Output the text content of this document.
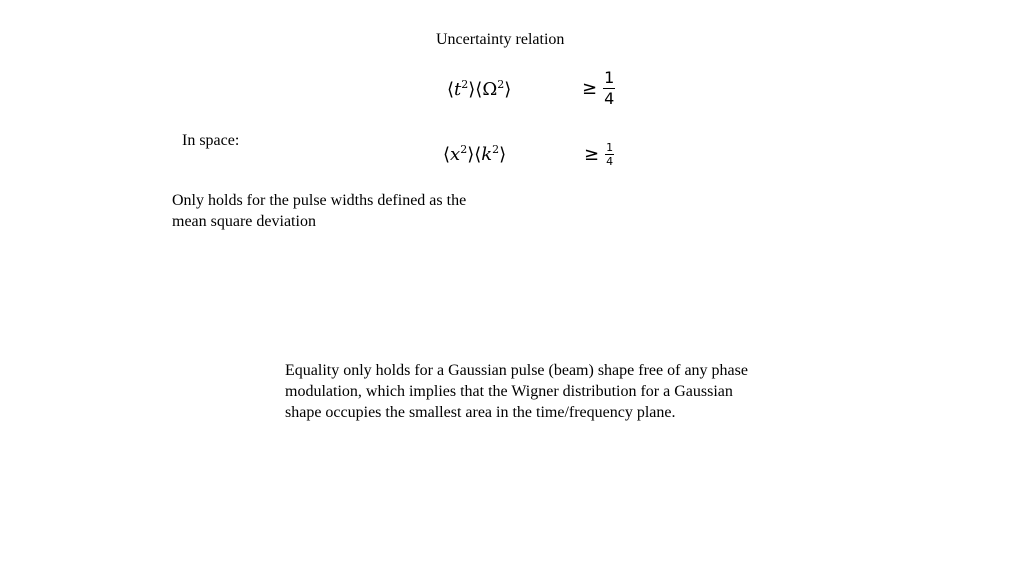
Uncertainty relation
$⟨t^2⟩⟨\Omega^2⟩$	≥ $\frac{1}{4}$
In space:
$⟨x^2⟩⟨k^2⟩$	≥ $\frac{1}{4}$
Only holds for the pulse widths defined as the mean square deviation
Equality only holds for a Gaussian pulse (beam) shape free of any phase modulation, which implies that the Wigner distribution for a Gaussian shape occupies the smallest area in the time/frequency plane.
